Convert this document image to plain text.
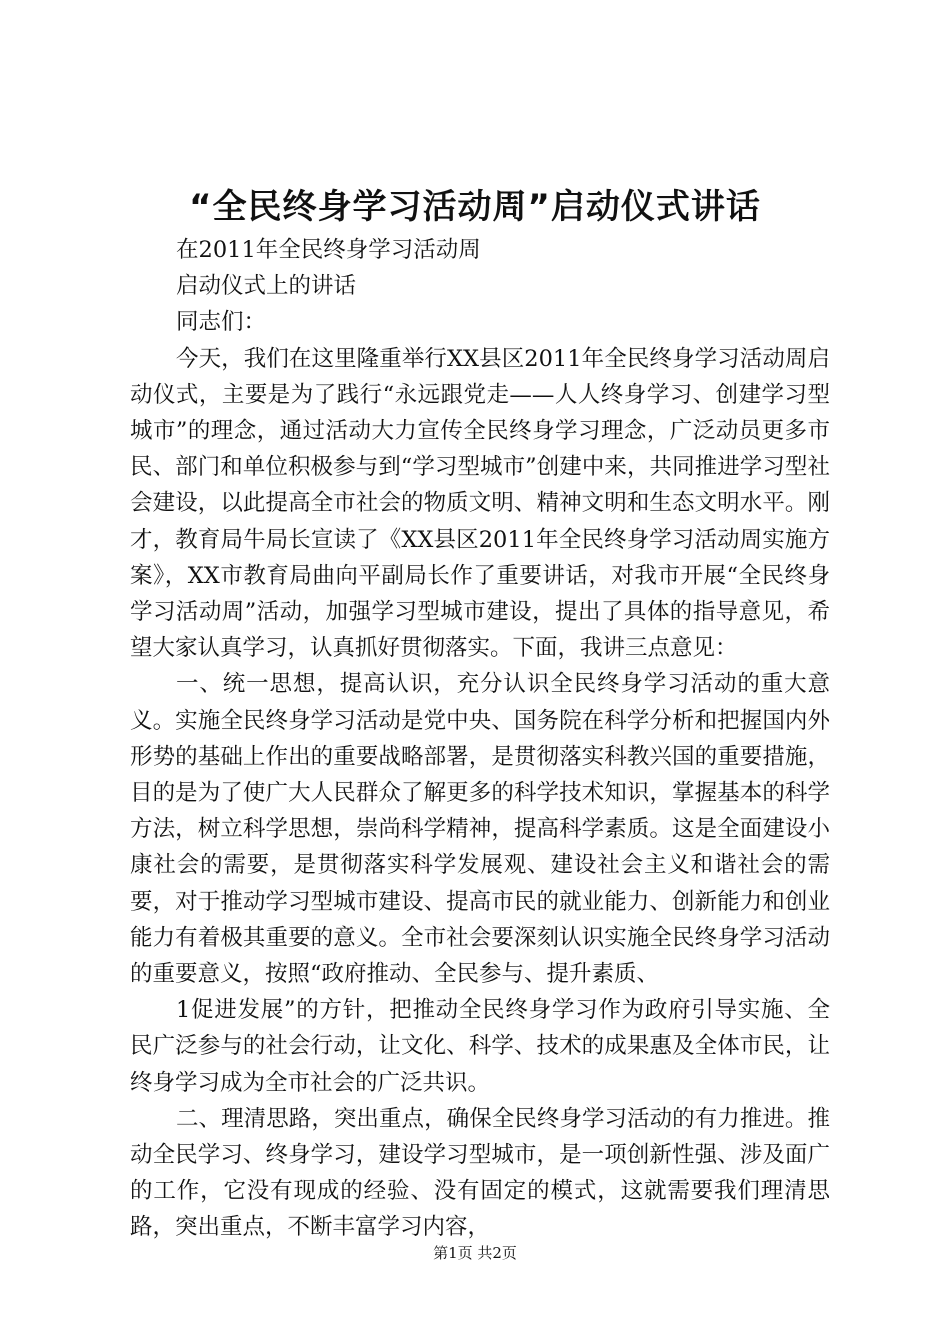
“全民终身学习活动周”启动仪式讲话

在2011年全民终身学习活动周

启动仪式上的讲话

同志们：

今天，我们在这里隆重举行XX县区2011年全民终身学习活动周启动仪式，主要是为了践行“永远跟党走——人人终身学习、创建学习型城市”的理念，通过活动大力宣传全民终身学习理念，广泛动员更多市民、部门和单位积极参与到“学习型城市”创建中来，共同推进学习型社会建设，以此提高全市社会的物质文明、精神文明和生态文明水平。刚才，教育局牛局长宣读了《XX县区2011年全民终身学习活动周实施方案》，XX市教育局曲向平副局长作了重要讲话，对我市开展“全民终身学习活动周”活动，加强学习型城市建设，提出了具体的指导意见，希望大家认真学习，认真抓好贯彻落实。下面，我讲三点意见：

一、统一思想，提高认识，充分认识全民终身学习活动的重大意义。实施全民终身学习活动是党中央、国务院在科学分析和把握国内外形势的基础上作出的重要战略部署，是贯彻落实科教兴国的重要措施，目的是为了使广大人民群众了解更多的科学技术知识，掌握基本的科学方法，树立科学思想，崇尚科学精神，提高科学素质。这是全面建设小康社会的需要，是贯彻落实科学发展观、建设社会主义和谐社会的需要，对于推动学习型城市建设、提高市民的就业能力、创新能力和创业能力有着极其重要的意义。全市社会要深刻认识实施全民终身学习活动的重要意义，按照“政府推动、全民参与、提升素质、

1促进发展”的方针，把推动全民终身学习作为政府引导实施、全民广泛参与的社会行动，让文化、科学、技术的成果惠及全体市民，让终身学习成为全市社会的广泛共识。

二、理清思路，突出重点，确保全民终身学习活动的有力推进。推动全民学习、终身学习，建设学习型城市，是一项创新性强、涉及面广的工作，它没有现成的经验、没有固定的模式，这就需要我们理清思路，突出重点，不断丰富学习内容，

第1页 共2页
